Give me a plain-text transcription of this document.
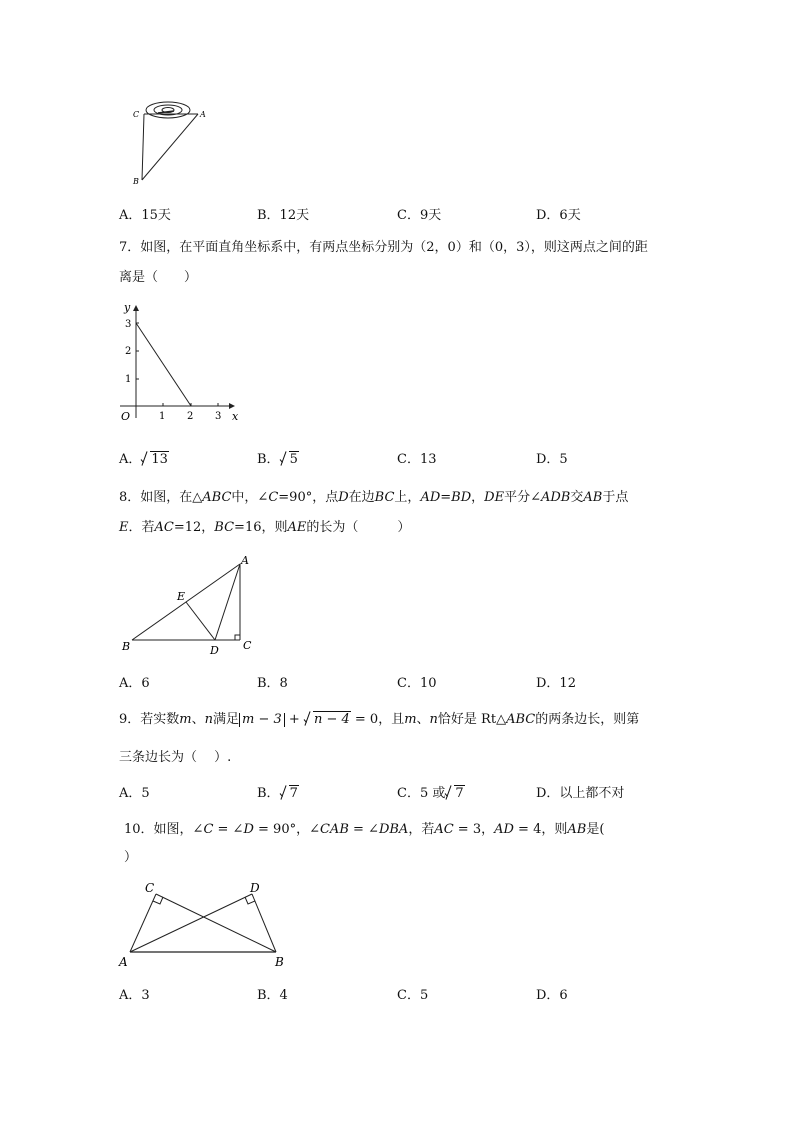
C	A
B
A．15天	B．12天	C．9天	D．6天
7．如图，在平面直角坐标系中，有两点坐标分别为（2，0）和（0，3），则这两点之间的距
离是（　　）
y
x
O	1 2 3
1
2
3
A． 13	B． 5	C．13	D．5
8．如图，在△ABC中，∠C=90°，点D在边BC上，AD=BD，DE平分∠ADB交AB于点
E．若AC=12，BC=16，则AE的长为（　　　）
A
E
B	D C
A．6	B．8	C．10	D．12
9．若实数m、n满足 m − 3 +
n − 4 = 0，且m、n恰好是 Rt△ABC的两条边长，则第
三条边长为（　 ）.
A．5	B． 7	C．5 或 7	D．以上都不对
10．如图，∠C = ∠D = 90°，∠CAB = ∠DBA，若AC = 3，AD = 4，则AB是(
）
C	D
A	B
A．3	B．4	C．5	D．6
